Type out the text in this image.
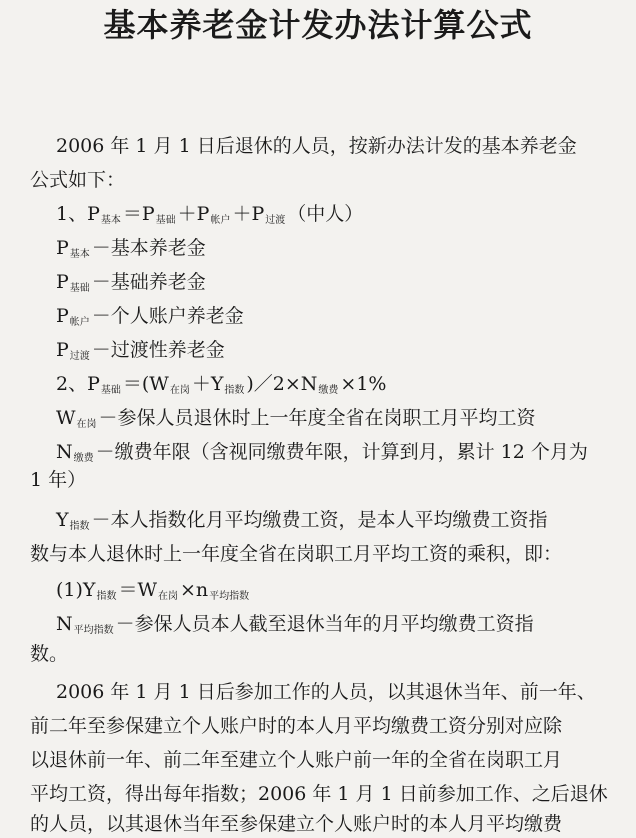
基本养老金计发办法计算公式
2006 年 1 月 1 日后退休的人员，按新办法计发的基本养老金
公式如下：
1、P基本 ＝P基础 ＋P帐户 ＋P过渡 （中人）
P基本 －基本养老金
P基础 －基础养老金
P帐户 －个人账户养老金
P过渡 －过渡性养老金
2、P基础 ＝(W在岗 ＋Y指数 )／2×N缴费 ×1%
W在岗 －参保人员退休时上一年度全省在岗职工月平均工资
N缴费 －缴费年限（含视同缴费年限，计算到月，累计 12 个月为
1 年）
Y指数 －本人指数化月平均缴费工资，是本人平均缴费工资指
数与本人退休时上一年度全省在岗职工月平均工资的乘积，即：
(1)Y指数 ＝W在岗 ×n平均指数
N平均指数 －参保人员本人截至退休当年的月平均缴费工资指
数。
2006 年 1 月 1 日后参加工作的人员，以其退休当年、前一年、
前二年至参保建立个人账户时的本人月平均缴费工资分别对应除
以退休前一年、前二年至建立个人账户前一年的全省在岗职工月
平均工资，得出每年指数；2006 年 1 月 1 日前参加工作、之后退休
的人员，以其退休当年至参保建立个人账户时的本人月平均缴费
